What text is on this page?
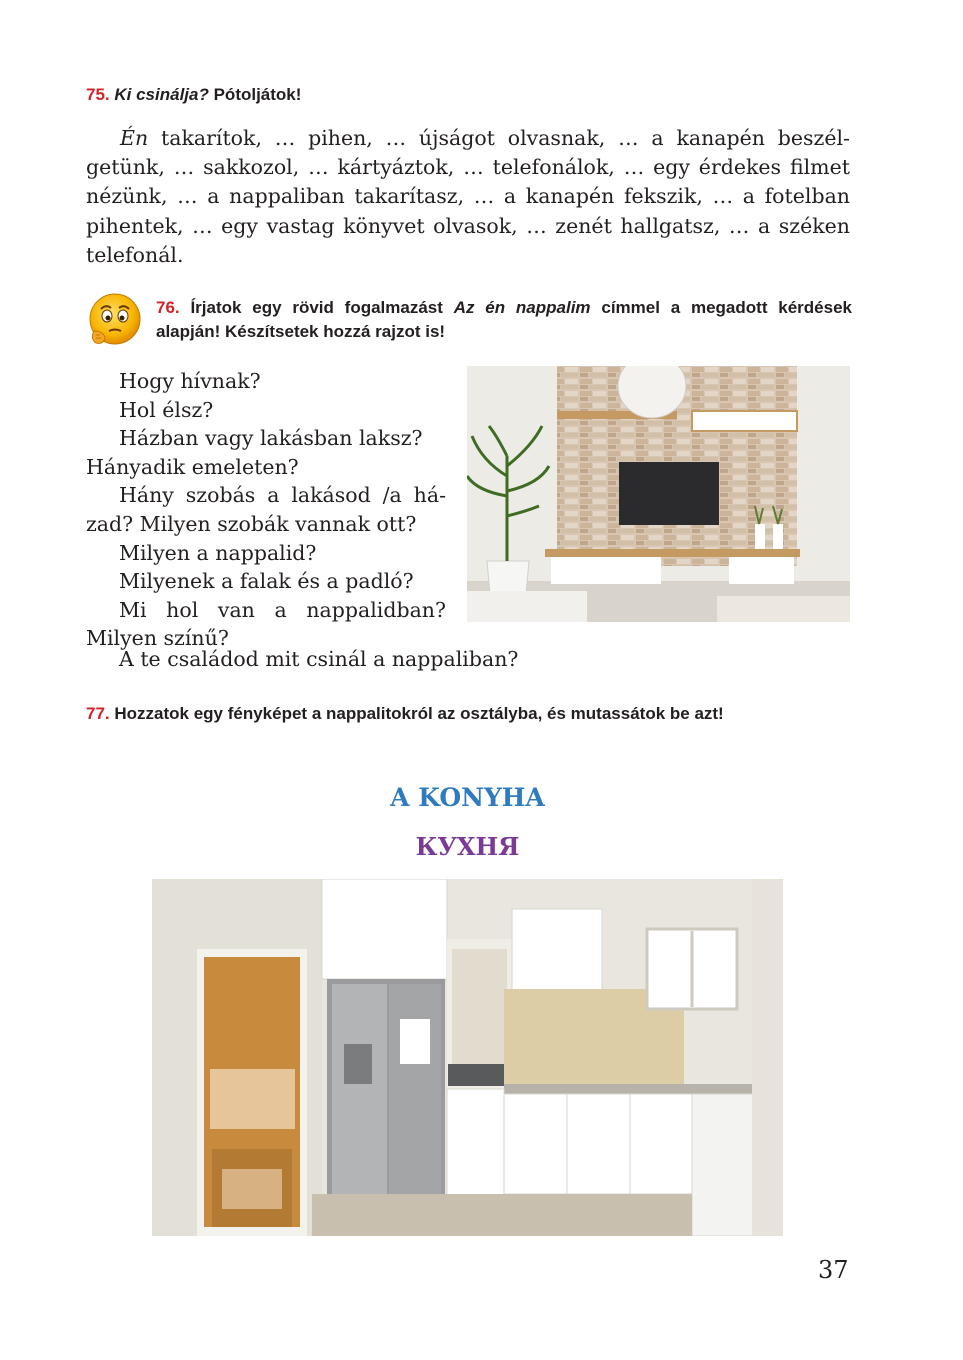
75. Ki csinálja? Pótoljátok!

Én takarítok, … pihen, … újságot olvasnak, … a kanapén beszélgetünk, … sakkozol, … kártyáztok, … telefonálok, … egy érdekes filmet nézünk, … a nappaliban takarítasz, … a kanapén fekszik, … a fotelban pihentek, … egy vastag könyvet olvasok, … zenét hallgatsz, … a széken telefonál.

76. Írjatok egy rövid fogalmazást Az én nappalim címmel a megadott kérdések alapján! Készítsetek hozzá rajzot is!

Hogy hívnak?

Hol élsz?

Házban vagy lakásban laksz?

Hányadik emeleten?

Hány szobás a lakásod /a há-

zad? Milyen szobák vannak ott?

Milyen a nappalid?

Milyenek a falak és a padló?

Mi hol van a nappalidban?

Milyen színű?

A te családod mit csinál a nappaliban?
77. Hozzatok egy fényképet a nappalitokról az osztályba, és mutassátok be azt!
A KONYHA
КУХНЯ
37
